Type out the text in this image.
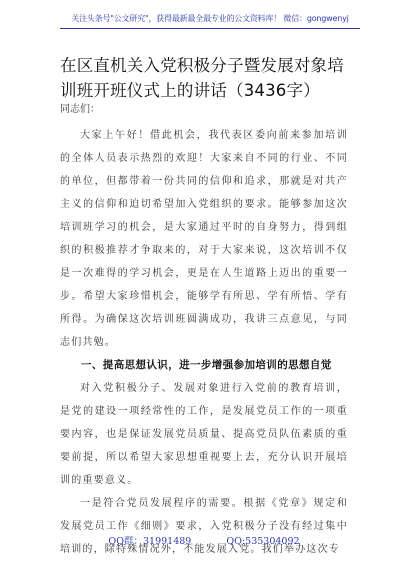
关注头条号"公文研究"，获得最新最全最专业的公文资料库！ 微信：gongwenyj
在区直机关入党积极分子暨发展对象培训班开班仪式上的讲话（3436字）
同志们：

大家上午好！借此机会，我代表区委向前来参加培训的全体人员表示热烈的欢迎！大家来自不同的行业、不同的单位，但都带着一份共同的信仰和追求，那就是对共产主义的信仰和迫切希望加入党组织的要求。能够参加这次培训班学习的机会，是大家通过平时的自身努力，得到组织的积极推荐才争取来的，对于大家来说，这次培训不仅是一次难得的学习机会，更是在人生道路上迈出的重要一步。希望大家珍惜机会，能够学有所思、学有所悟、学有所得。为确保这次培训班圆满成功，我讲三点意见，与同志们共勉。

一、提高思想认识，进一步增强参加培训的思想自觉

对入党积极分子、发展对象进行入党前的教育培训，是党的建设一项经常性的工作，是发展党员工作的一项重要内容，也是保证发展党员质量、提高党员队伍素质的重要前提，所以希望大家思想重视要上去，充分认识开展培训的重要意义。

一是符合党员发展程序的需要。根据《党章》规定和发展党员工作《细则》要求，入党积极分子没有经过集中培训的，除特殊情况外，不能发展入党。我们举办这次专

QQ群：31991489	QQ:535304092
